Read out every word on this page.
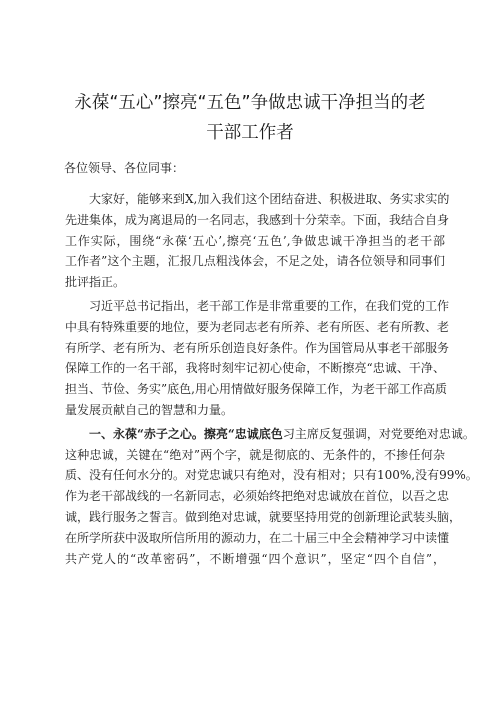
永葆“五心”擦亮“五色”争做忠诚干净担当的老
干部工作者
各位领导、各位同事：
大家好，能够来到X,加入我们这个团结奋进、积极进取、务实求实的
先进集体，成为离退局的一名同志，我感到十分荣幸。下面，我结合自身
工作实际，围绕“永葆‘五心’,擦亮‘五色’,争做忠诚干净担当的老干部
工作者”这个主题，汇报几点粗浅体会，不足之处，请各位领导和同事们
批评指正。
习近平总书记指出，老干部工作是非常重要的工作，在我们党的工作
中具有特殊重要的地位，要为老同志老有所养、老有所医、老有所教、老
有所学、老有所为、老有所乐创造良好条件。作为国管局从事老干部服务
保障工作的一名干部，我将时刻牢记初心使命，不断擦亮“忠诚、干净、
担当、节俭、务实”底色,用心用情做好服务保障工作，为老干部工作高质
量发展贡献自己的智慧和力量。
一、永葆“赤子之心。擦亮“忠诚底色习主席反复强调，对党要绝对忠诚。
这种忠诚，关键在“绝对”两个字，就是彻底的、无条件的，不掺任何杂
质、没有任何水分的。对党忠诚只有绝对，没有相对；只有100%,没有99%。
作为老干部战线的一名新同志，必须始终把绝对忠诚放在首位，以吾之忠
诚，践行服务之誓言。做到绝对忠诚，就要坚持用党的创新理论武装头脑，
在所学所获中汲取所信所用的源动力，在二十届三中全会精神学习中读懂
共产党人的“改革密码”，不断增强“四个意识”，坚定“四个自信”，
